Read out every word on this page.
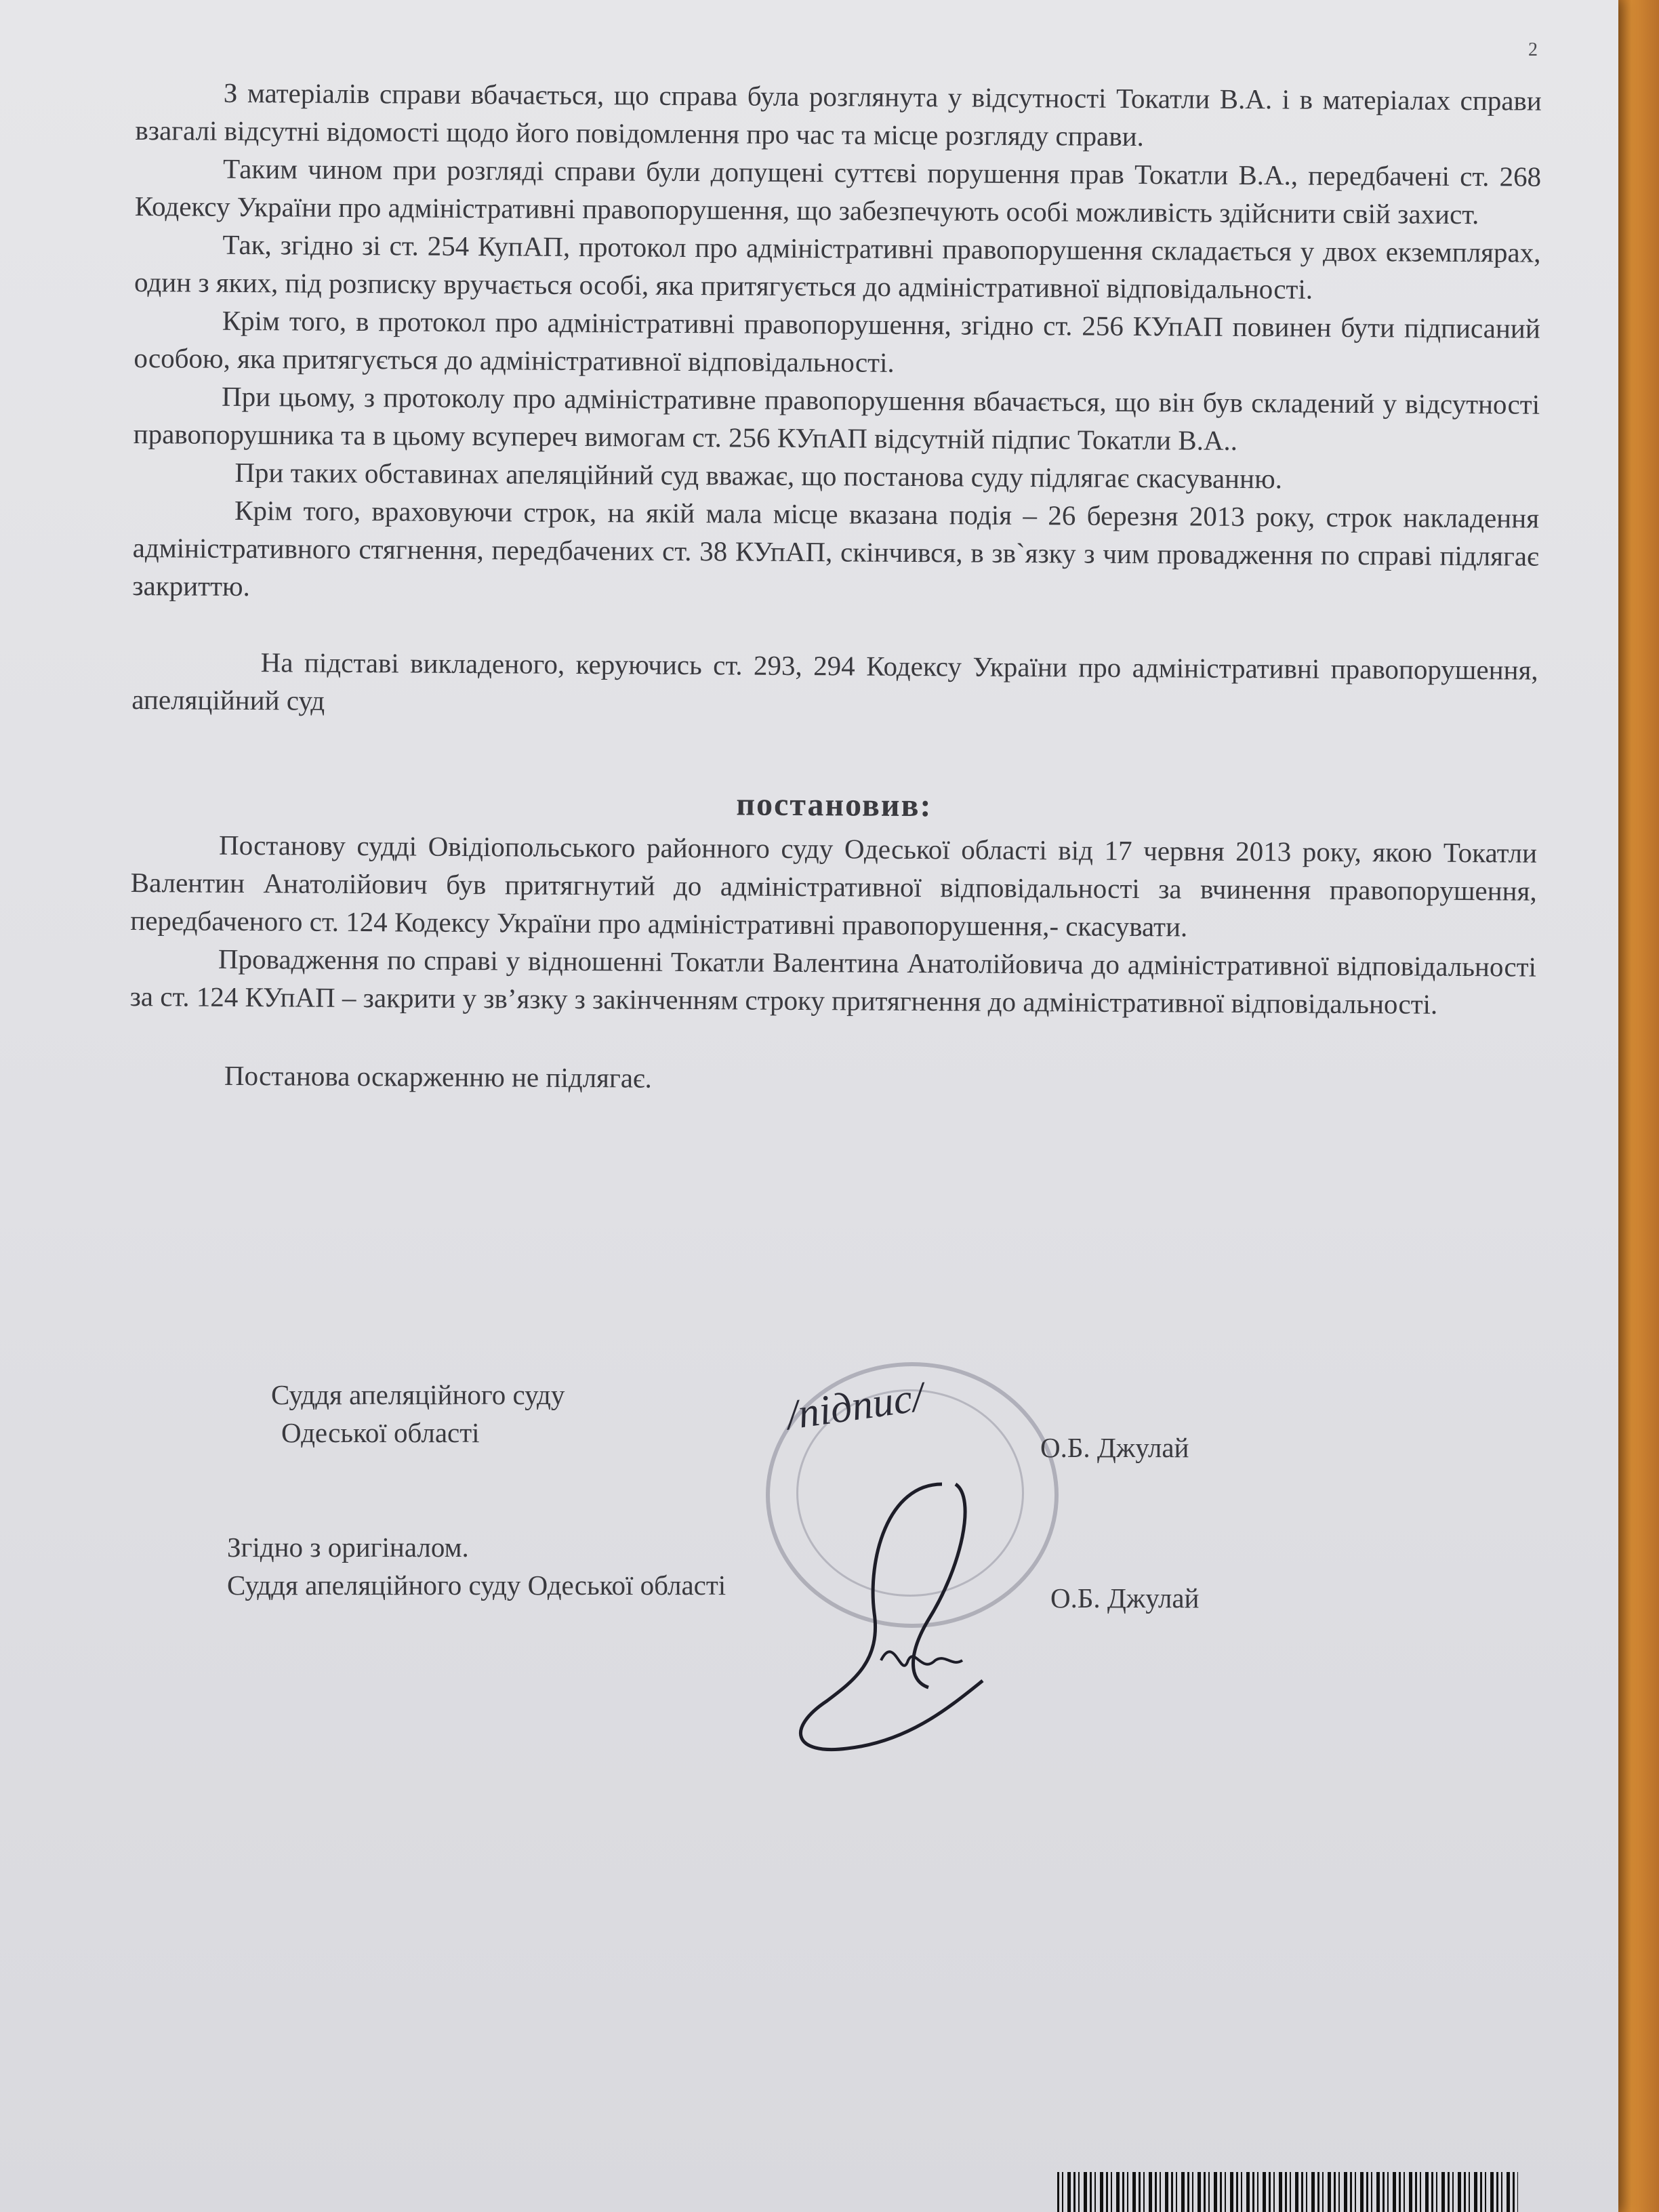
2

З матеріалів справи вбачається, що справа була розглянута у відсутності Токатли В.А. і в матеріалах справи взагалі відсутні відомості щодо його повідомлення про час та місце розгляду справи.

Таким чином при розгляді справи були допущені суттєві порушення прав Токатли В.А., передбачені ст. 268 Кодексу України про адміністративні правопорушення, що забезпечують особі можливість здійснити свій захист.

Так, згідно зі ст. 254 КупАП, протокол про адміністративні правопорушення складається у двох екземплярах, один з яких, під розписку вручається особі, яка притягується до адміністративної відповідальності.

Крім того, в протокол про адміністративні правопорушення, згідно ст. 256 КУпАП повинен бути підписаний особою, яка притягується до адміністративної відповідальності.

При цьому, з протоколу про адміністративне правопорушення вбачається, що він був складений у відсутності правопорушника та в цьому всупереч вимогам ст. 256 КУпАП відсутній підпис Токатли В.А..

При таких обставинах апеляційний суд вважає, що постанова суду підлягає скасуванню.

Крім того, враховуючи строк, на якій мала місце вказана подія – 26 березня 2013 року, строк накладення адміністративного стягнення, передбачених ст. 38 КУпАП, скінчився, в зв`язку з чим провадження по справі підлягає закриттю.

На підставі викладеного, керуючись ст. 293, 294 Кодексу України про адміністративні правопорушення, апеляційний суд

постановив:

Постанову судді Овідіопольського районного суду Одеської області від 17 червня 2013 року, якою Токатли Валентин Анатолійович був притягнутий до адміністративної відповідальності за вчинення правопорушення, передбаченого ст. 124 Кодексу України про адміністративні правопорушення,- скасувати.

Провадження по справі у відношенні Токатли Валентина Анатолійовича до адміністративної відповідальності за ст. 124 КУпАП – закрити у зв’язку з закінченням строку притягнення до адміністративної відповідальності.

Постанова оскарженню не підлягає.

Суддя апеляційного суду
Одеської області	О.Б. Джулай
Згідно з оригіналом.
Суддя апеляційного суду Одеської області	О.Б. Джулай
/підпис/
